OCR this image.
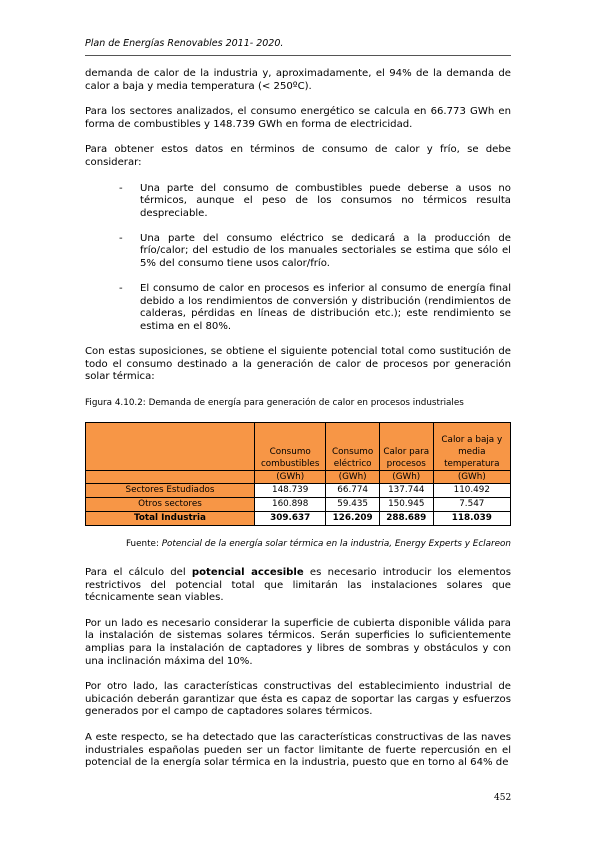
Plan de Energías Renovables 2011- 2020.

demanda de calor de la industria y, aproximadamente, el 94% de la demanda de calor a baja y media temperatura (< 250ºC).

Para los sectores analizados, el consumo energético se calcula en 66.773 GWh en forma de combustibles y 148.739 GWh en forma de electricidad.

Para obtener estos datos en términos de consumo de calor y frío, se debe considerar:

- Una parte del consumo de combustibles puede deberse a usos no térmicos, aunque el peso de los consumos no térmicos resulta despreciable.
- Una parte del consumo eléctrico se dedicará a la producción de frío/calor; del estudio de los manuales sectoriales se estima que sólo el 5% del consumo tiene usos calor/frío.
- El consumo de calor en procesos es inferior al consumo de energía final debido a los rendimientos de conversión y distribución (rendimientos de calderas, pérdidas en líneas de distribución etc.); este rendimiento se estima en el 80%.

Con estas suposiciones, se obtiene el siguiente potencial total como sustitución de todo el consumo destinado a la generación de calor de procesos por generación solar térmica:

Figura 4.10.2: Demanda de energía para generación de calor en procesos industriales

	Consumo combustibles	Consumo eléctrico	Calor para procesos	Calor a baja y media temperatura
	(GWh)	(GWh)	(GWh)	(GWh)
Sectores Estudiados	148.739	66.774	137.744	110.492
Otros sectores	160.898	59.435	150.945	7.547
Total Industria	309.637	126.209	288.689	118.039

Fuente: Potencial de la energía solar térmica en la industria, Energy Experts y Eclareon

Para el cálculo del potencial accesible es necesario introducir los elementos restrictivos del potencial total que limitarán las instalaciones solares que técnicamente sean viables.

Por un lado es necesario considerar la superficie de cubierta disponible válida para la instalación de sistemas solares térmicos. Serán superficies lo suficientemente amplias para la instalación de captadores y libres de sombras y obstáculos y con una inclinación máxima del 10%.

Por otro lado, las características constructivas del establecimiento industrial de ubicación deberán garantizar que ésta es capaz de soportar las cargas y esfuerzos generados por el campo de captadores solares térmicos.

A este respecto, se ha detectado que las características constructivas de las naves industriales españolas pueden ser un factor limitante de fuerte repercusión en el potencial de la energía solar térmica en la industria, puesto que en torno al 64% de

452
